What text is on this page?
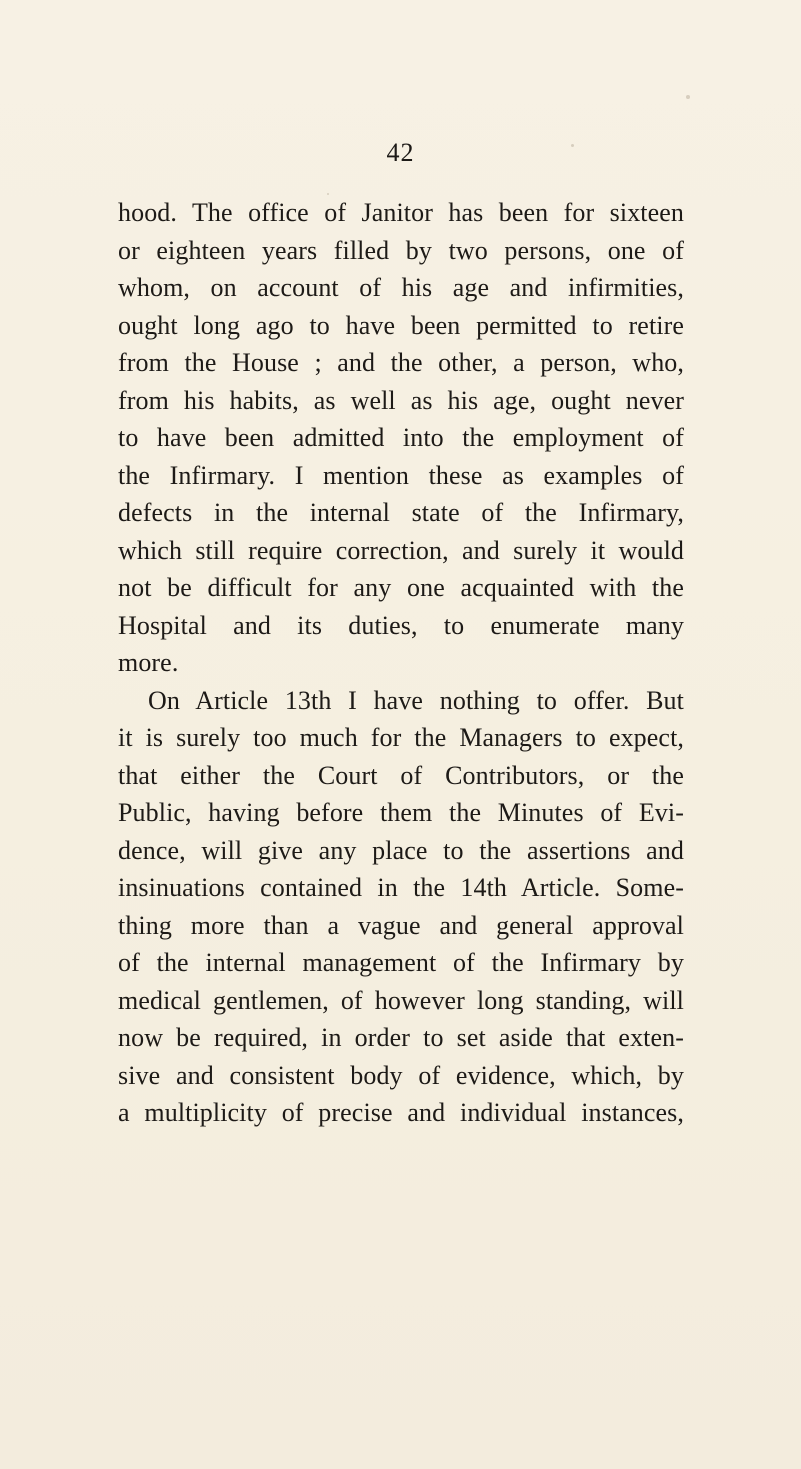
42
hood. The office of Janitor has been for sixteen
or eighteen years filled by two persons, one of
whom, on account of his age and infirmities,
ought long ago to have been permitted to retire
from the House ; and the other, a person, who,
from his habits, as well as his age, ought never
to have been admitted into the employment of
the Infirmary. I mention these as examples of
defects in the internal state of the Infirmary,
which still require correction, and surely it would
not be difficult for any one acquainted with the
Hospital and its duties, to enumerate many
more.
On Article 13th I have nothing to offer. But
it is surely too much for the Managers to expect,
that either the Court of Contributors, or the
Public, having before them the Minutes of Evi-
dence, will give any place to the assertions and
insinuations contained in the 14th Article. Some-
thing more than a vague and general approval
of the internal management of the Infirmary by
medical gentlemen, of however long standing, will
now be required, in order to set aside that exten-
sive and consistent body of evidence, which, by
a multiplicity of precise and individual instances,
